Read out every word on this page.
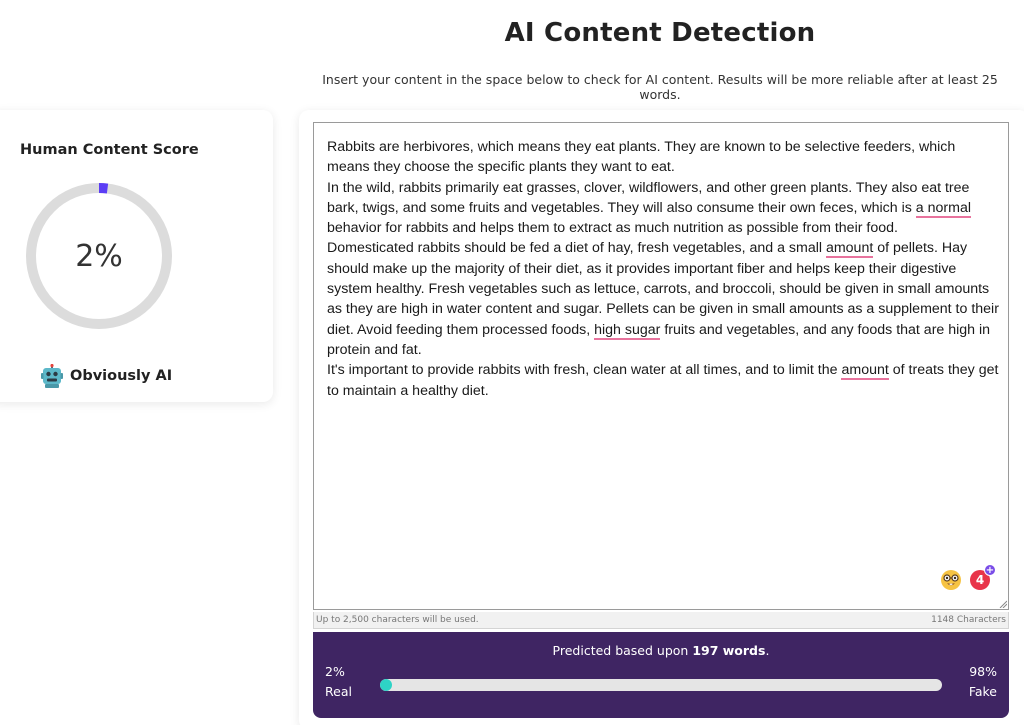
AI Content Detection
Insert your content in the space below to check for AI content. Results will be more reliable after at least 25 words.
Human Content Score
2%
Obviously AI

Rabbits are herbivores, which means they eat plants. They are known to be selective feeders, which means they choose the specific plants they want to eat.

In the wild, rabbits primarily eat grasses, clover, wildflowers, and other green plants. They also eat tree bark, twigs, and some fruits and vegetables. They will also consume their own feces, which is a normal behavior for rabbits and helps them to extract as much nutrition as possible from their food.

Domesticated rabbits should be fed a diet of hay, fresh vegetables, and a small amount of pellets. Hay should make up the majority of their diet, as it provides important fiber and helps keep their digestive system healthy. Fresh vegetables such as lettuce, carrots, and broccoli, should be given in small amounts as they are high in water content and sugar. Pellets can be given in small amounts as a supplement to their diet. Avoid feeding them processed foods, high sugar fruits and vegetables, and any foods that are high in protein and fat.

It's important to provide rabbits with fresh, clean water at all times, and to limit the amount of treats they get to maintain a healthy diet.

4
+
Up to 2,500 characters will be used.	1148 Characters
Predicted based upon 197 words.
2%
Real
98%
Fake
